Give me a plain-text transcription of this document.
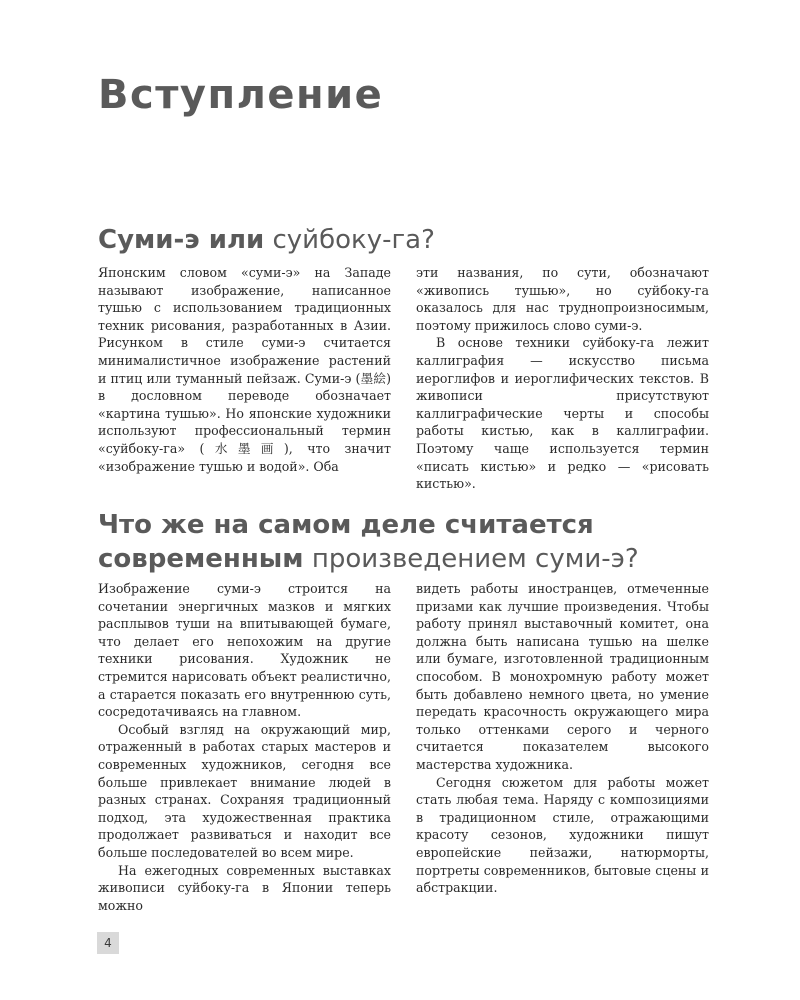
Вступление
Суми-э или суйбоку-га?

Японским словом «суми-э» на Западе называют изображение, написанное тушью с использованием традиционных техник рисования, разработанных в Азии. Рисунком в стиле суми-э считается минималистичное изображение растений и птиц или туманный пейзаж. Суми-э (墨絵) в дословном переводе обозначает «картина тушью». Но японские художники используют профессиональный термин «суйбоку-га» (水墨画), что значит «изображение тушью и водой». Оба

эти названия, по сути, обозначают «живопись тушью», но суйбоку-га оказалось для нас труднопроизносимым, поэтому прижилось слово суми-э.

В основе техники суйбоку-га лежит каллиграфия — искусство письма иероглифов и иероглифических текстов. В живописи присутствуют каллиграфические черты и способы работы кистью, как в каллиграфии. Поэтому чаще используется термин «писать кистью» и редко — «рисовать кистью».

Что же на самом деле считается
современным произведением суми-э?

Изображение суми-э строится на сочетании энергичных мазков и мягких расплывов туши на впитывающей бумаге, что делает его непохожим на другие техники рисования. Художник не стремится нарисовать объект реалистично, а старается показать его внутреннюю суть, сосредотачиваясь на главном.

Особый взгляд на окружающий мир, отраженный в работах старых мастеров и современных художников, сегодня все больше привлекает внимание людей в разных странах. Сохраняя традиционный подход, эта художественная практика продолжает развиваться и находит все больше последователей во всем мире.

На ежегодных современных выставках живописи суйбоку-га в Японии теперь можно

видеть работы иностранцев, отмеченные призами как лучшие произведения. Чтобы работу принял выставочный комитет, она должна быть написана тушью на шелке или бумаге, изготовленной традиционным способом. В монохромную работу может быть добавлено немного цвета, но умение передать красочность окружающего мира только оттенками серого и черного считается показателем высокого мастерства художника.

Сегодня сюжетом для работы может стать любая тема. Наряду с композициями в традиционном стиле, отражающими красоту сезонов, художники пишут европейские пейзажи, натюрморты, портреты современников, бытовые сцены и абстракции.

4
